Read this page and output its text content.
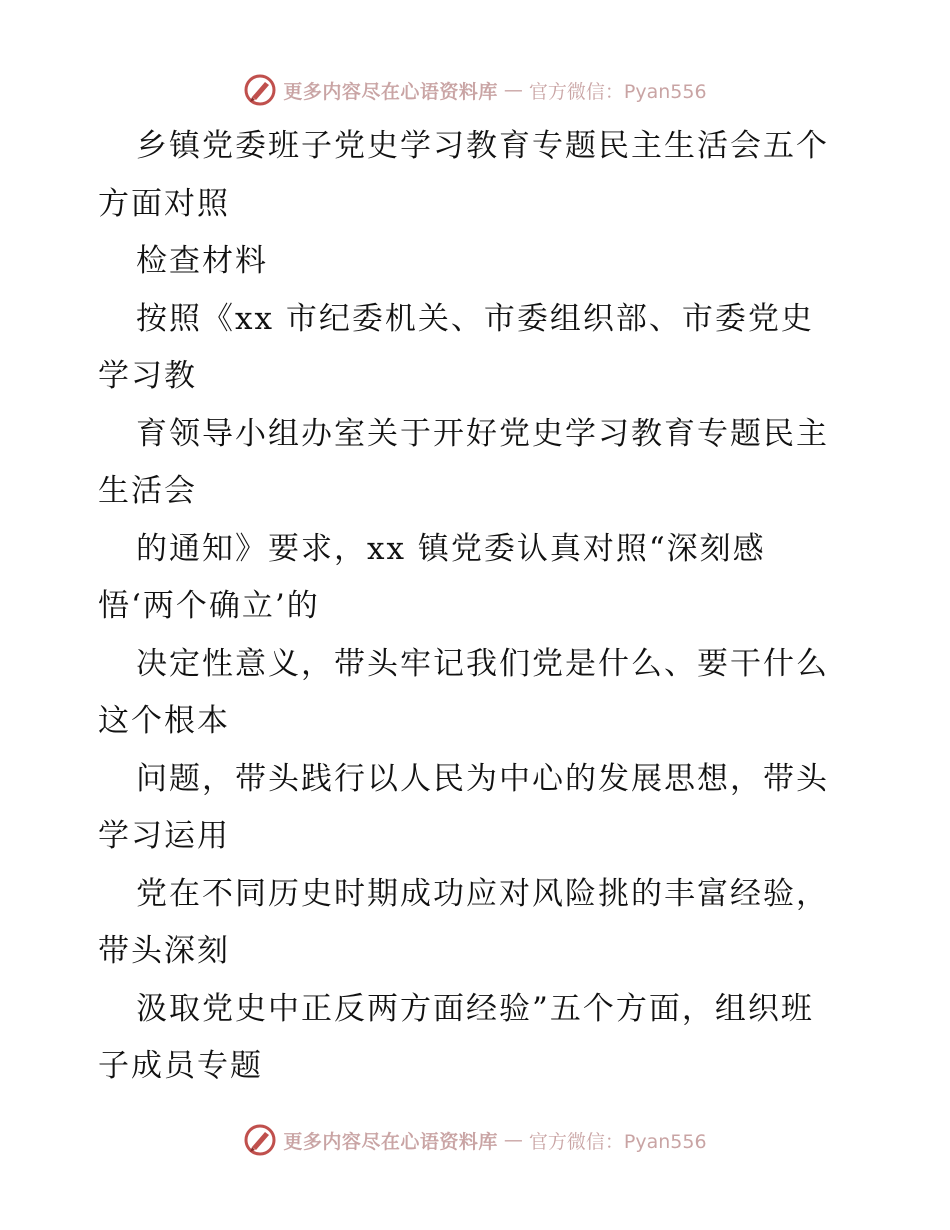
更多内容尽在心语资料库 — 官方微信：Pyan556
乡镇党委班子党史学习教育专题民主生活会五个
方面对照
检查材料
按照《xx 市纪委机关、市委组织部、市委党史
学习教
育领导小组办室关于开好党史学习教育专题民主
生活会
的通知》要求，xx 镇党委认真对照“深刻感
悟‘两个确立’的
决定性意义，带头牢记我们党是什么、要干什么
这个根本
问题，带头践行以人民为中心的发展思想，带头
学习运用
党在不同历史时期成功应对风险挑的丰富经验，
带头深刻
汲取党史中正反两方面经验”五个方面，组织班
子成员专题
更多内容尽在心语资料库 — 官方微信：Pyan556
